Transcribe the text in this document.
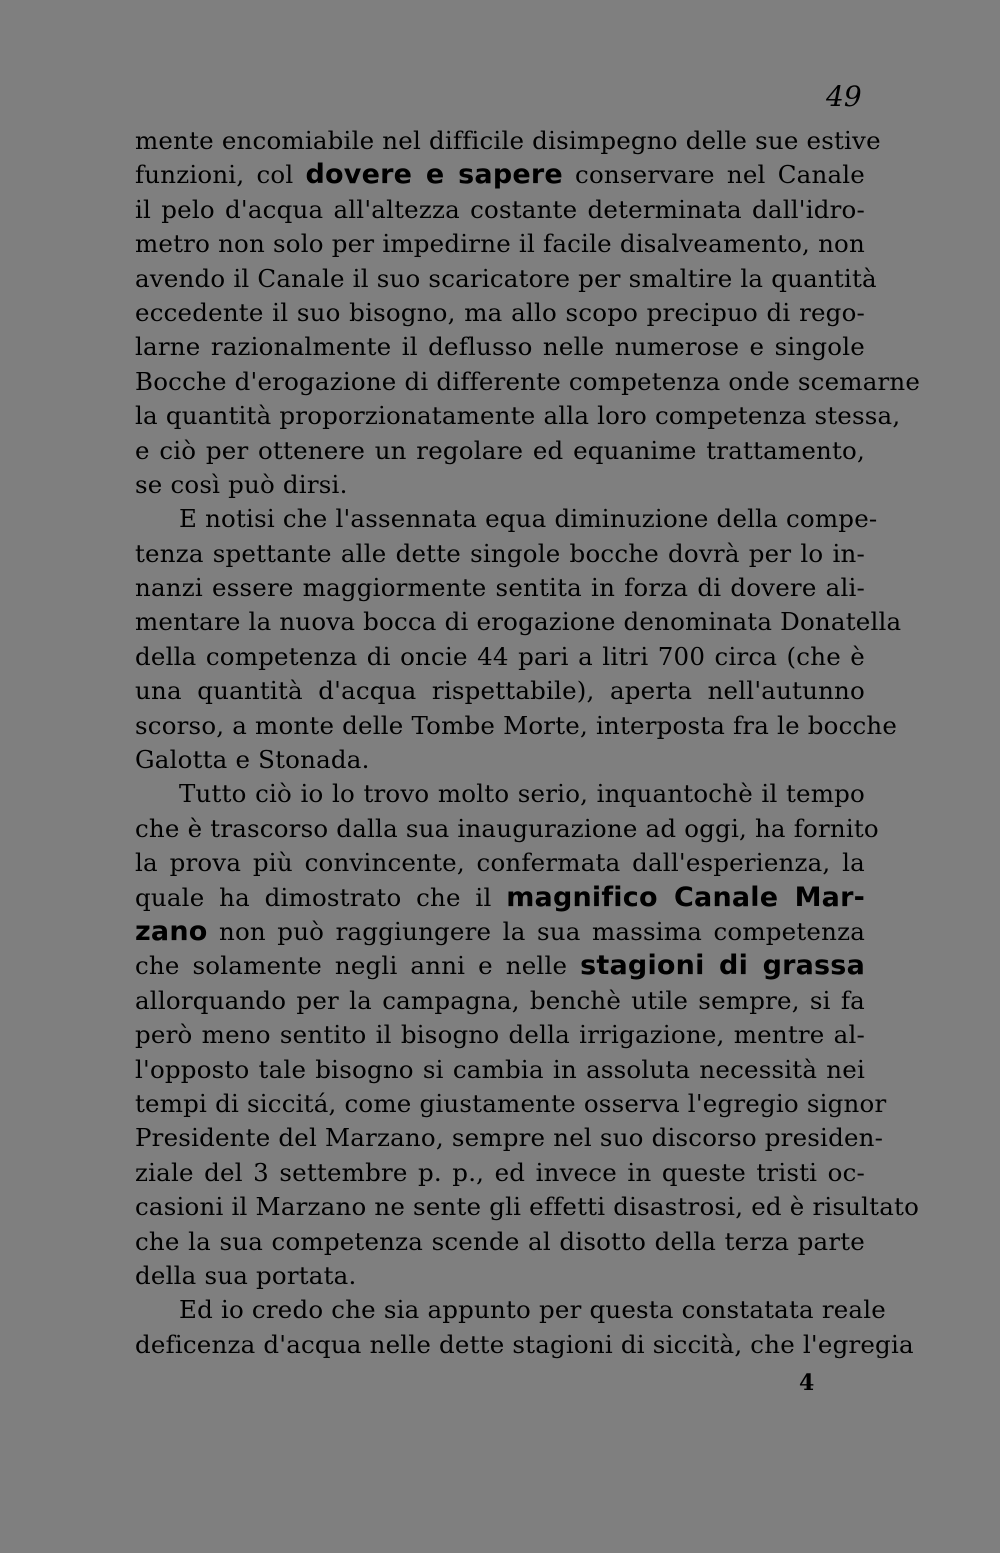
49
mente encomiabile nel difficile disimpegno delle sue estive
funzioni, col dovere e sapere conservare nel Canale
il pelo d'acqua all'altezza costante determinata dall'idro-
metro non solo per impedirne il facile disalveamento, non
avendo il Canale il suo scaricatore per smaltire la quantità
eccedente il suo bisogno, ma allo scopo precipuo di rego-
larne razionalmente il deflusso nelle numerose e singole
Bocche d'erogazione di differente competenza onde scemarne
la quantità proporzionatamente alla loro competenza stessa,
e ciò per ottenere un regolare ed equanime trattamento,
se così può dirsi.
E notisi che l'assennata equa diminuzione della compe-
tenza spettante alle dette singole bocche dovrà per lo in-
nanzi essere maggiormente sentita in forza di dovere ali-
mentare la nuova bocca di erogazione denominata Donatella
della competenza di oncie 44 pari a litri 700 circa (che è
una quantità d'acqua rispettabile), aperta nell'autunno
scorso, a monte delle Tombe Morte, interposta fra le bocche
Galotta e Stonada.
Tutto ciò io lo trovo molto serio, inquantochè il tempo
che è trascorso dalla sua inaugurazione ad oggi, ha fornito
la prova più convincente, confermata dall'esperienza, la
quale ha dimostrato che il magnifico Canale Mar-
zano non può raggiungere la sua massima competenza
che solamente negli anni e nelle stagioni di grassa
allorquando per la campagna, benchè utile sempre, si fa
però meno sentito il bisogno della irrigazione, mentre al-
l'opposto tale bisogno si cambia in assoluta necessità nei
tempi di siccitá, come giustamente osserva l'egregio signor
Presidente del Marzano, sempre nel suo discorso presiden-
ziale del 3 settembre p. p., ed invece in queste tristi oc-
casioni il Marzano ne sente gli effetti disastrosi, ed è risultato
che la sua competenza scende al disotto della terza parte
della sua portata.
Ed io credo che sia appunto per questa constatata reale
deficenza d'acqua nelle dette stagioni di siccità, che l'egregia
4
